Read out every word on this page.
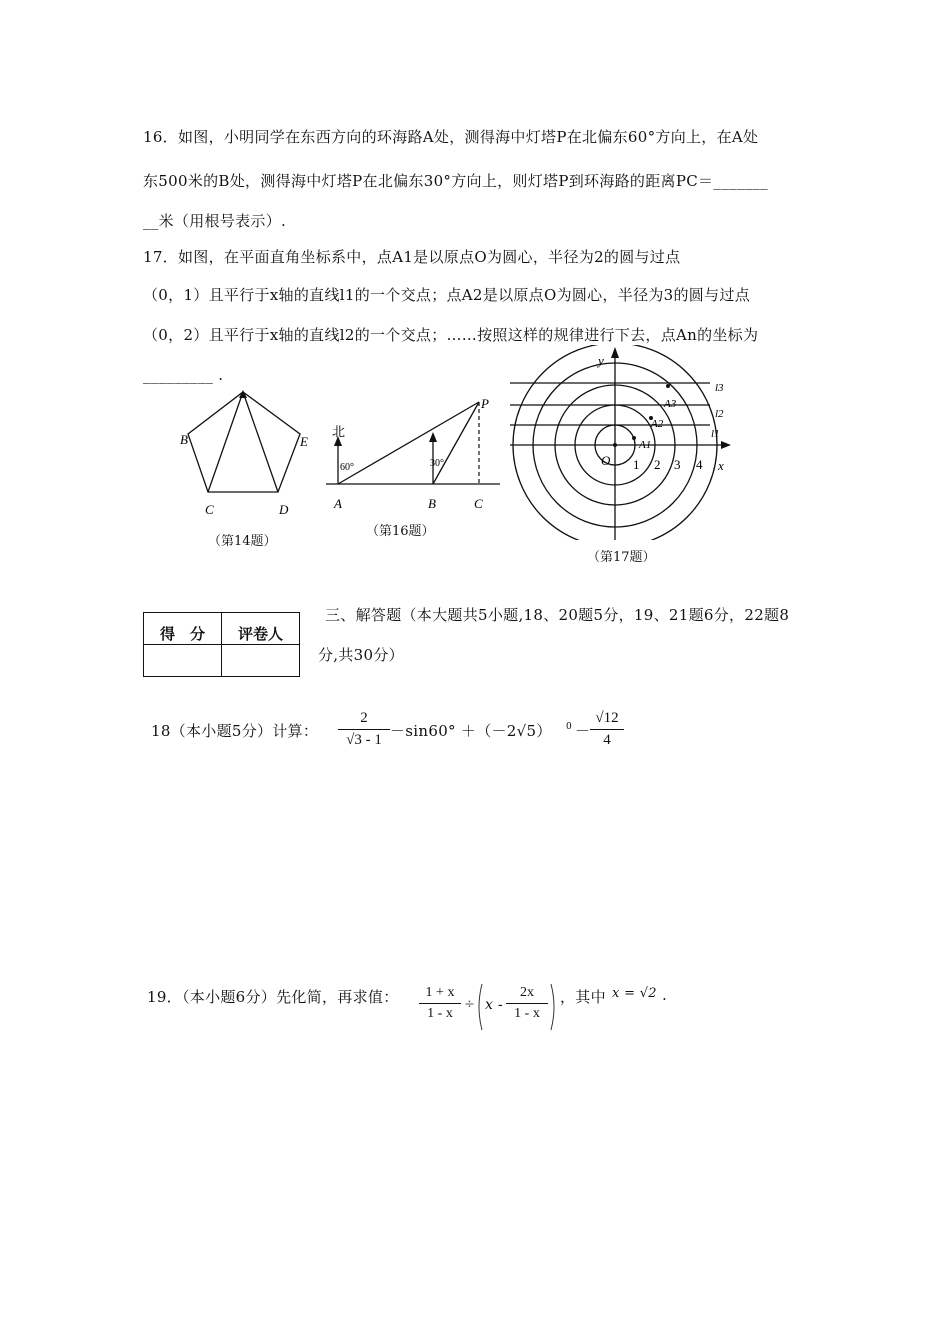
16．如图，小明同学在东西方向的环海路A处，测得海中灯塔P在北偏东60°方向上，在A处
东500米的B处，测得海中灯塔P在北偏东30°方向上，则灯塔P到环海路的距离PC＝_______
__米（用根号表示）.
17．如图，在平面直角坐标系中，点A1是以原点O为圆心，半径为2的圆与过点
（0，1）且平行于x轴的直线l1的一个交点；点A2是以原点O为圆心，半径为3的圆与过点
（0，2）且平行于x轴的直线l2的一个交点；……按照这样的规律进行下去，点An的坐标为
_________ .
B	E
C	D
（第14题）
北
60°	30°
P
A	B	C
（第16题）
y
x
O 1 2 3 4
l3
l2
l1
A3
A2
A1
（第17题）
得　分	评卷人

三、解答题（本大题共5小题,18、20题5分，19、21题6分，22题8
分,共30分）
18（本小题5分）计算：
2
√3 - 1 －sin60° ＋（－2√5） 0 －
√12
4
19．（本小题6分）先化简，再求值：	1 + x
1 - x
÷ x -
2x
1 - x
，其中 x = √2 .
